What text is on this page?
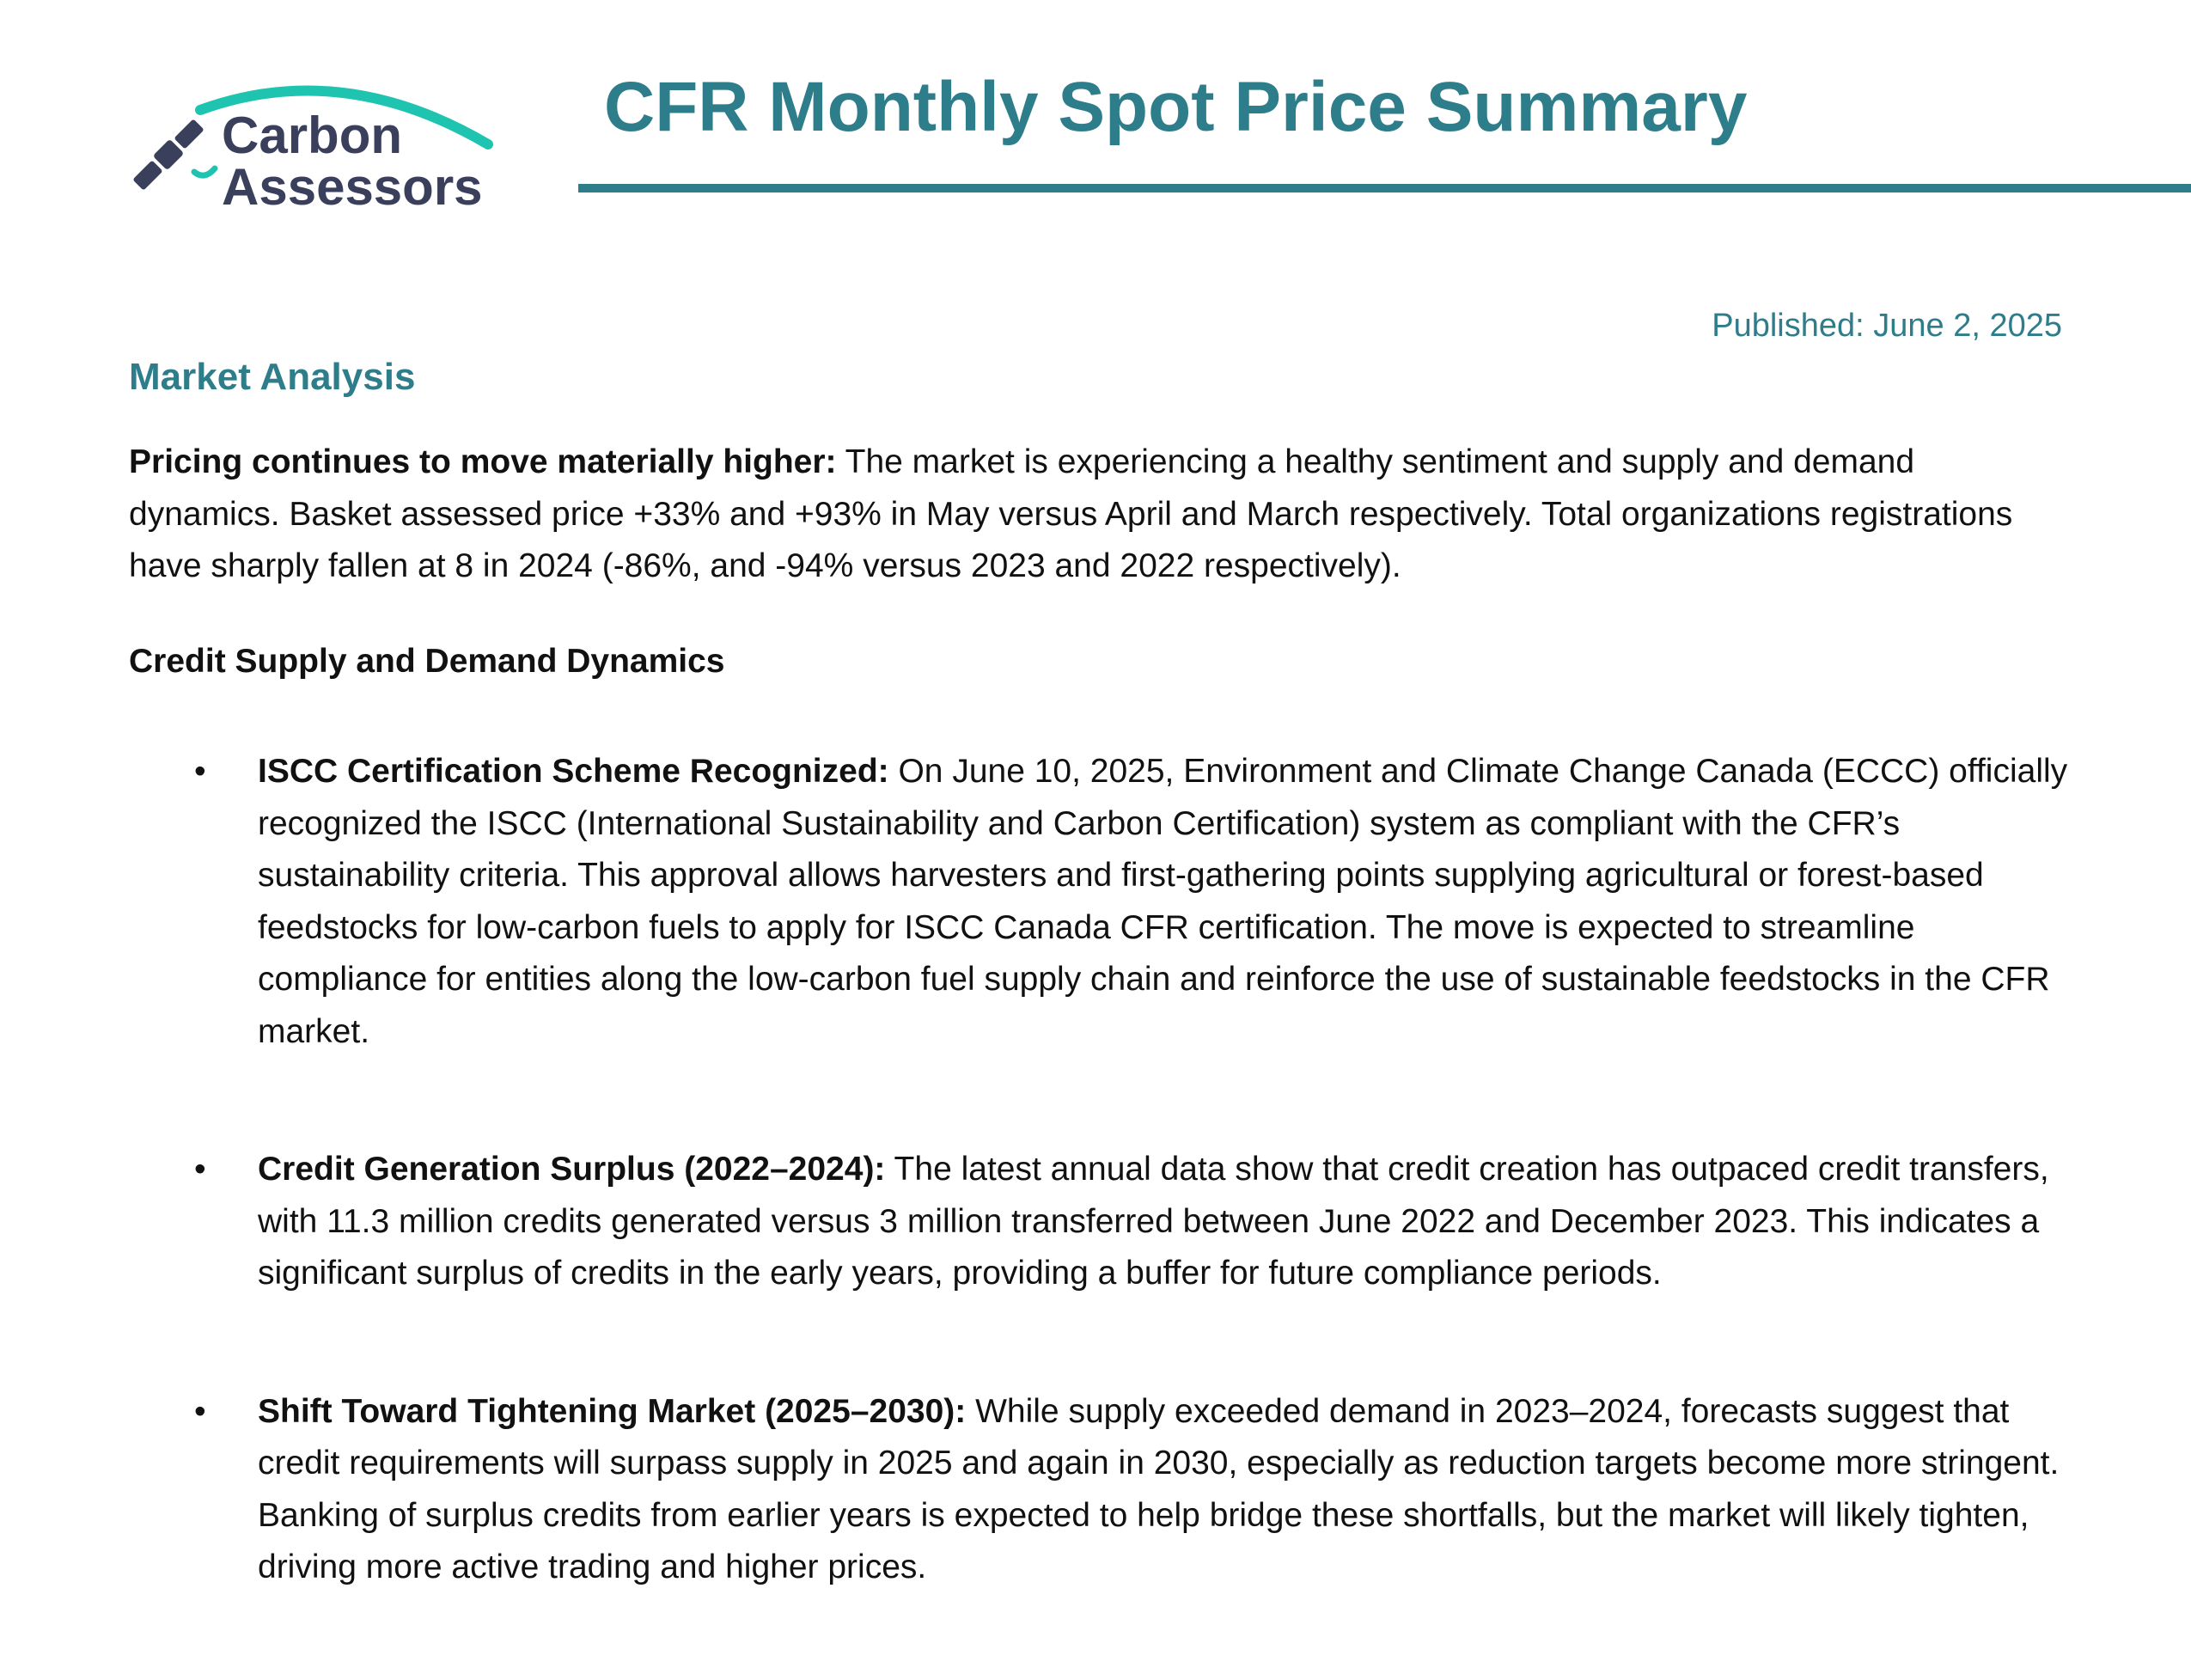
Carbon
Assessors
CFR Monthly Spot Price Summary
Published: June 2, 2025
Market Analysis

Pricing continues to move materially higher: The market is experiencing a healthy sentiment and supply and demand dynamics. Basket assessed price +33% and +93% in May versus April and March respectively. Total organizations registrations have sharply fallen at 8 in 2024 (-86%, and -94% versus 2023 and 2022 respectively).

Credit Supply and Demand Dynamics
• ISCC Certification Scheme Recognized: On June 10, 2025, Environment and Climate Change Canada (ECCC) officially recognized the ISCC (International Sustainability and Carbon Certification) system as compliant with the CFR’s sustainability criteria. This approval allows harvesters and first-gathering points supplying agricultural or forest-based feedstocks for low-carbon fuels to apply for ISCC Canada CFR certification. The move is expected to streamline compliance for entities along the low-carbon fuel supply chain and reinforce the use of sustainable feedstocks in the CFR market.
• Credit Generation Surplus (2022–2024): The latest annual data show that credit creation has outpaced credit transfers, with 11.3 million credits generated versus 3 million transferred between June 2022 and December 2023. This indicates a significant surplus of credits in the early years, providing a buffer for future compliance periods.
• Shift Toward Tightening Market (2025–2030): While supply exceeded demand in 2023–2024, forecasts suggest that credit requirements will surpass supply in 2025 and again in 2030, especially as reduction targets become more stringent. Banking of surplus credits from earlier years is expected to help bridge these shortfalls, but the market will likely tighten, driving more active trading and higher prices.
